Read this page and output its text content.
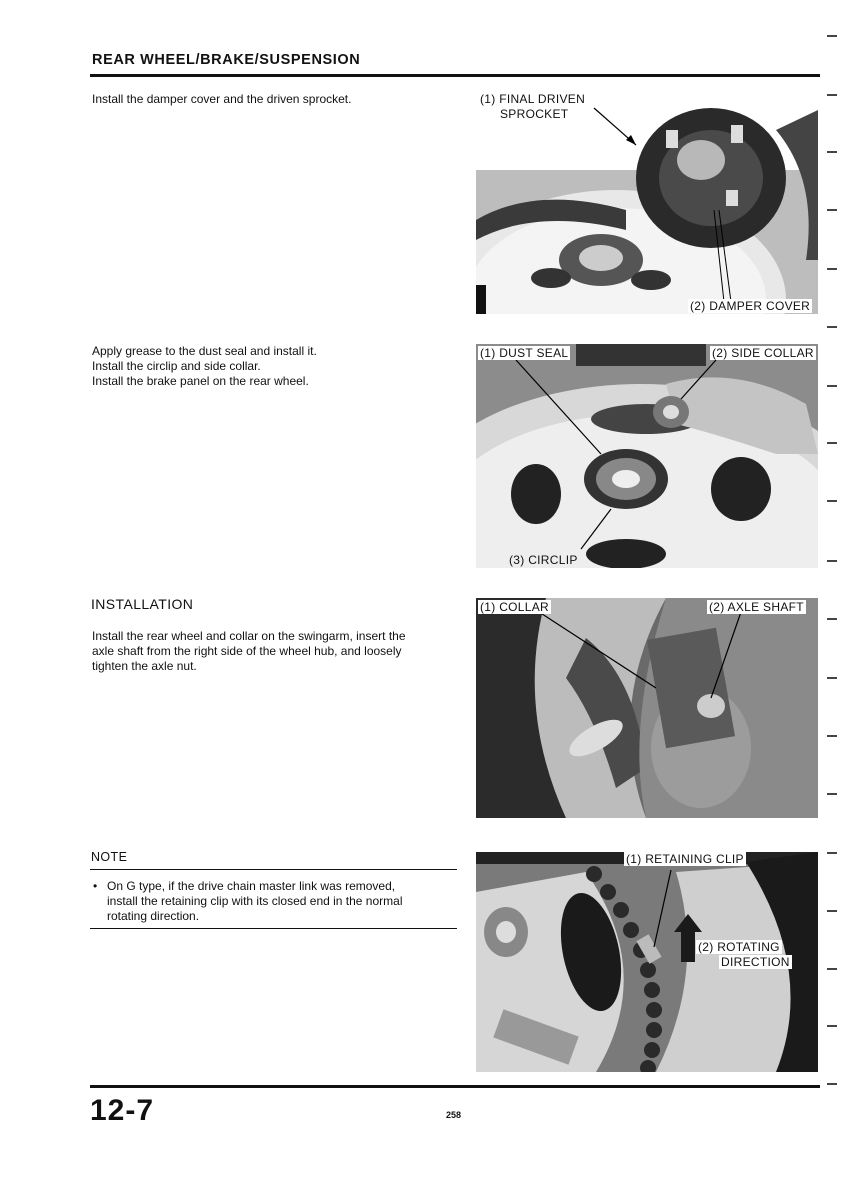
REAR WHEEL/BRAKE/SUSPENSION
Install the damper cover and the driven sprocket.	(1) FINAL DRIVEN
SPROCKET
(2) DAMPER COVER
Apply grease to the dust seal and install it.
Install the circlip and side collar.
Install the brake panel on the rear wheel.
(1) DUST SEAL	(2) SIDE COLLAR
(3) CIRCLIP
INSTALLATION
Install the rear wheel and collar on the swingarm, insert the
axle shaft from the right side of the wheel hub, and loosely
tighten the axle nut.
(1) COLLAR	(2) AXLE SHAFT
NOTE
• On G type, if the drive chain master link was removed,
install the retaining clip with its closed end in the normal
rotating direction.
(1) RETAINING CLIP
(2) ROTATING
DIRECTION
12-7	258
